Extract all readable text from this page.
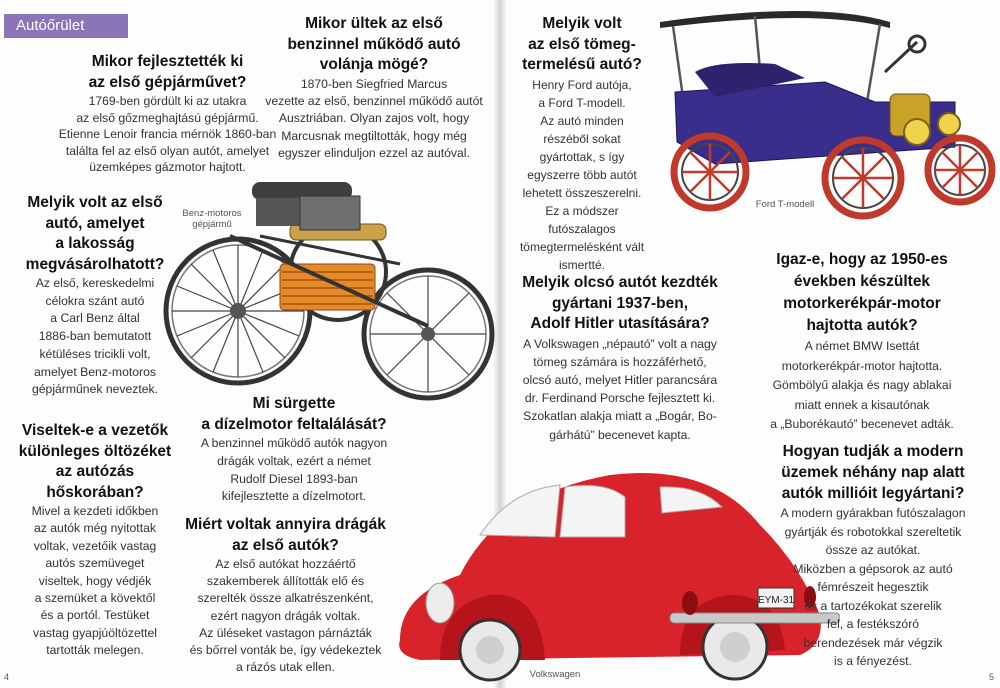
Autóőrület
Benz-motoros
gépjármű
Ford T-modell
EYM-31
Volkswagen
Mikor fejlesztették ki
az első gépjárművet?

1769-ben gördült ki az utakra
az első gőzmeghajtású gépjármű.
Etienne Lenoir francia mérnök 1860-ban
találta fel az első olyan autót, amelyet
üzemképes gázmotor hajtott.

Melyik volt az első
autó, amelyet
a lakosság
megvásárolhatott?

Az első, kereskedelmi
célokra szánt autó
a Carl Benz által
1886-ban bemutatott
kétüléses tricikli volt,
amelyet Benz-motoros
gépjárműnek neveztek.

Viseltek-e a vezetők
különleges öltözéket
az autózás
hőskorában?

Mivel a kezdeti időkben
az autók még nyitottak
voltak, vezetőik vastag
autós szemüveget
viseltek, hogy védjék
a szemüket a kövektől
és a portól. Testüket
vastag gyapjúöltözettel
tartották melegen.

Mikor ültek az első
benzinnel működő autó
volánja mögé?

1870-ben Siegfried Marcus
vezette az első, benzinnel működő autót
Ausztriában. Olyan zajos volt, hogy
Marcusnak megtiltották, hogy még
egyszer elinduljon ezzel az autóval.

Mi sürgette
a dízelmotor feltalálását?

A benzinnel működő autók nagyon
drágák voltak, ezért a német
Rudolf Diesel 1893-ban
kifejlesztette a dízelmotort.

Miért voltak annyira drágák
az első autók?

Az első autókat hozzáértő
szakemberek állították elő és
szerelték össze alkatrészenként,
ezért nagyon drágák voltak.
Az üléseket vastagon párnázták
és bőrrel vonták be, így védekeztek
a rázós utak ellen.

Melyik volt
az első tömeg-
termelésű autó?

Henry Ford autója,
a Ford T-modell.
Az autó minden
részéből sokat
gyártottak, s így
egyszerre több autót
lehetett összeszerelni.
Ez a módszer
futószalagos
tömegtermelésként vált ismertté.

Melyik olcsó autót kezdték
gyártani 1937-ben,
Adolf Hitler utasítására?

A Volkswagen „népautó” volt a nagy
tömeg számára is hozzáférhető,
olcsó autó, melyet Hitler parancsára
dr. Ferdinand Porsche fejlesztett ki.
Szokatlan alakja miatt a „Bogár, Bo-
gárhátú” becenevet kapta.

Igaz-e, hogy az 1950-es
években készültek
motorkerékpár-motor
hajtotta autók?

A német BMW Isettát
motorkerékpár-motor hajtotta.
Gömbölyű alakja és nagy ablakai
miatt ennek a kisautónak
a „Buborékautó” becenevet adták.

Hogyan tudják a modern
üzemek néhány nap alatt
autók millióit legyártani?

A modern gyárakban futószalagon
gyártják és robotokkal szereltetik
össze az autókat.
Miközben a gépsorok az autó
fémrészeit hegesztik
és a tartozékokat szerelik
fel, a festékszóró
berendezések már végzik
is a fényezést.

4	5
